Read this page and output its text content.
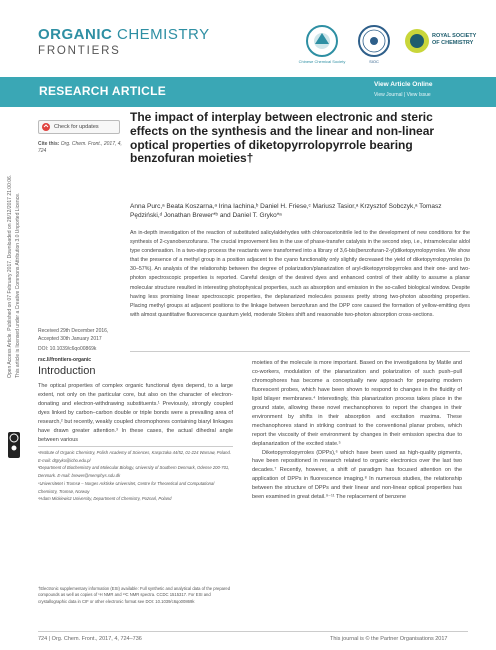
ORGANIC CHEMISTRY
FRONTIERS
Chinese Chemical Society	SIOC
ROYAL SOCIETY
OF CHEMISTRY
RESEARCH ARTICLE	View Article Online
View Journal | View Issue
Open Access Article. Published on 07 February 2017. Downloaded on 28/12/2017 21:00:06. This article is licensed under a Creative Commons Attribution 3.0 Unported Licence.
Check for updates
Cite this: Org. Chem. Front., 2017, 4, 724
The impact of interplay between electronic and steric effects on the synthesis and the linear and non-linear optical properties of diketopyrrolopyrrole bearing benzofuran moieties†
Anna Purc,ᵃ Beata Koszarna,ᵃ Irina Iachina,ᵇ Daniel H. Friese,ᶜ Mariusz Tasior,ᵃ Krzysztof Sobczyk,ᵃ Tomasz Pędziński,ᵈ Jonathan Brewer*ᵇ and Daniel T. Gryko*ᵃ
An in-depth investigation of the reaction of substituted salicylaldehydes with chloroacetonitrile led to the development of new conditions for the synthesis of 2-cyanobenzofurans. The crucial improvement lies in the use of phase-transfer catalysis in the second step, i.e., intramolecular aldol type condensation. In a two-step process the reactants were transformed into a library of 3,6-bis(benzofuran-2-yl)diketopyrrolopyrroles. We show that the presence of a methyl group in a position adjacent to the cyano functionality only slightly decreased the yield of diketopyrrolopyrroles (to 30–57%). An analysis of the relationship between the degree of polarization/planarization of aryl-diketopyrrolopyrroles and their one- and two-photon spectroscopic properties is reported. Careful design of the desired dyes and enhanced control of their ability to assume a planar molecular structure resulted in interesting photophysical properties, such as absorption and emission in the so-called biological window. Despite having less promising linear spectroscopic properties, the deplanarized molecules possess pretty strong two-photon absorbing properties. Placing methyl groups at adjacent positions to the linkage between benzofuran and the DPP core caused the formation of yellow-emitting dyes with almost quantitative fluorescence quantum yield, moderate Stokes shift and reasonable two-photon absorption cross-sections.
Received 29th December 2016,
Accepted 30th January 2017
DOI: 10.1039/c6qo00869k
rsc.li/frontiers-organic
Introduction
The optical properties of complex organic functional dyes depend, to a large extent, not only on the particular core, but also on the character of electron-donating and electron-withdrawing substituents.¹ Previously, strongly coupled dyes linked by carbon–carbon double or triple bonds were a prevailing area of research,² but recently, weakly coupled chromophores containing biaryl linkages have drawn greater attention.³ In these cases, the actual dihedral angle between various
moieties of the molecule is more important. Based on the investigations by Matile and co-workers, modulation of the planarization and polarization of such push–pull chromophores has become a conceptually new approach for preparing modern fluorescent probes, which have been shown to respond to changes in the fluidity of lipid bilayer membranes.⁴ Interestingly, this planarization process takes place in the ground state, allowing these novel mechanophores to report the changes in their environment by shifts in their absorption and excitation maxima. These mechanophores stand in striking contrast to the conventional planar probes, which report the viscosity of their environment by changes in their emission spectra due to deplanarization of the excited state.⁵
Diketopyrrolopyrroles (DPPs),⁶ which have been used as high-quality pigments, have been repositioned in research related to organic electronics over the last two decades.⁷ Recently, however, a shift of paradigm has focused attention on the application of DPPs in fluorescence imaging.⁸ In numerous studies, the relationship between the structure of DPPs and their linear and non-linear optical properties has been examined in great detail.⁹⁻¹¹ The replacement of benzene
ᵃInstitute of Organic Chemistry, Polish Academy of Sciences, Kasprzaka 44/52, 01-224 Warsaw, Poland. E-mail: dtgryko@icho.edu.pl
ᵇDepartment of Biochemistry and Molecular Biology, University of Southern Denmark, Odense 200-701, Denmark. E-mail: brewer@memphys.sdu.dk
ᶜUniversitetet i Tromsø – Norges Arktiske Universitet, Centre for Theoretical and Computational Chemistry, Tromsø, Norway
ᵈAdam Mickiewicz University, Department of Chemistry, Poznań, Poland
†Electronic supplementary information (ESI) available: Full synthetic and analytical data of the prepared compounds as well as copies of ¹H NMR and ¹³C NMR spectra. CCDC 1515317. For ESI and crystallographic data in CIF or other electronic format see DOI: 10.1039/c6qo00869k
724 | Org. Chem. Front., 2017, 4, 724–736	This journal is © the Partner Organisations 2017
